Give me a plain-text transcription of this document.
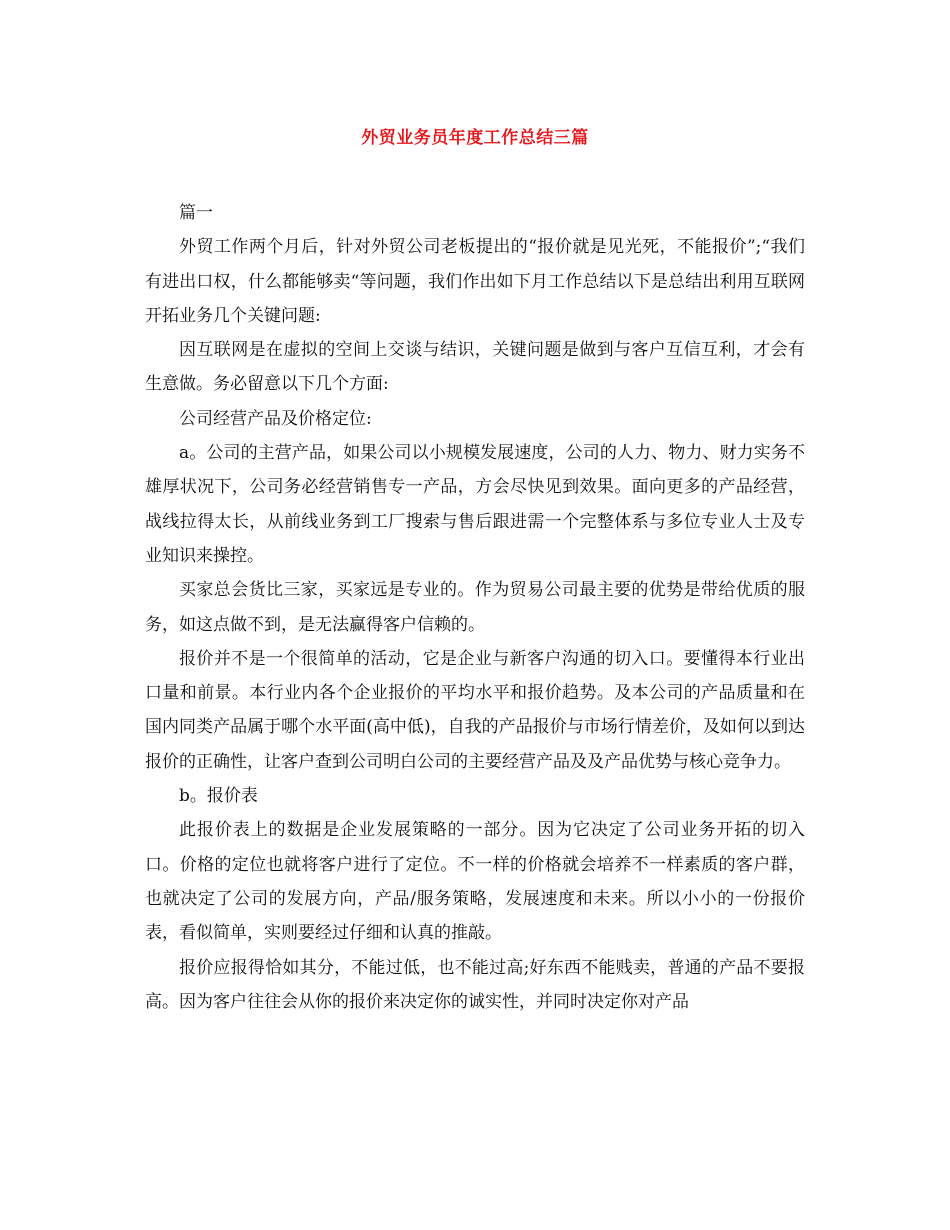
外贸业务员年度工作总结三篇

篇一

外贸工作两个月后，针对外贸公司老板提出的“报价就是见光死，不能报价”;“我们有进出口权，什么都能够卖“等问题，我们作出如下月工作总结以下是总结出利用互联网开拓业务几个关键问题:

因互联网是在虚拟的空间上交谈与结识，关键问题是做到与客户互信互利，才会有生意做。务必留意以下几个方面:

公司经营产品及价格定位:

a。公司的主营产品，如果公司以小规模发展速度，公司的人力、物力、财力实务不雄厚状况下，公司务必经营销售专一产品，方会尽快见到效果。面向更多的产品经营，战线拉得太长，从前线业务到工厂搜索与售后跟进需一个完整体系与多位专业人士及专业知识来操控。

买家总会货比三家，买家远是专业的。作为贸易公司最主要的优势是带给优质的服务，如这点做不到，是无法赢得客户信赖的。

报价并不是一个很简单的活动，它是企业与新客户沟通的切入口。要懂得本行业出口量和前景。本行业内各个企业报价的平均水平和报价趋势。及本公司的产品质量和在国内同类产品属于哪个水平面(高中低)，自我的产品报价与市场行情差价，及如何以到达报价的正确性，让客户查到公司明白公司的主要经营产品及及产品优势与核心竞争力。

b。报价表

此报价表上的数据是企业发展策略的一部分。因为它决定了公司业务开拓的切入口。价格的定位也就将客户进行了定位。不一样的价格就会培养不一样素质的客户群，也就决定了公司的发展方向，产品/服务策略，发展速度和未来。所以小小的一份报价表，看似简单，实则要经过仔细和认真的推敲。

报价应报得恰如其分，不能过低，也不能过高;好东西不能贱卖，普通的产品不要报高。因为客户往往会从你的报价来决定你的诚实性，并同时决定你对产品
